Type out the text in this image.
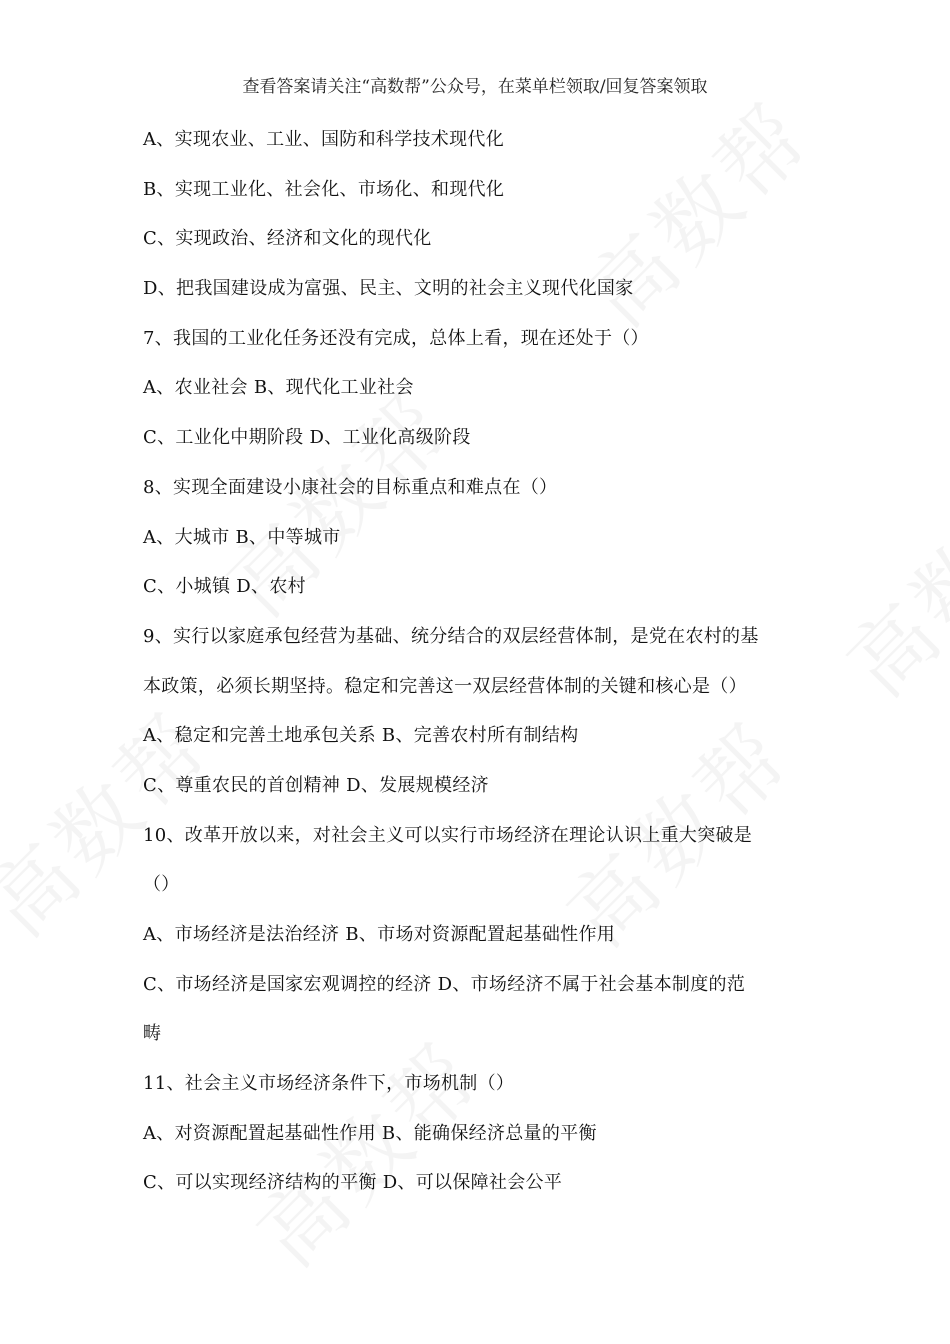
查看答案请关注“高数帮”公众号，在菜单栏领取/回复答案领取
A、实现农业、工业、国防和科学技术现代化
B、实现工业化、社会化、市场化、和现代化
C、实现政治、经济和文化的现代化
D、把我国建设成为富强、民主、文明的社会主义现代化国家
7、我国的工业化任务还没有完成，总体上看，现在还处于（）
A、农业社会 B、现代化工业社会
C、工业化中期阶段 D、工业化高级阶段
8、实现全面建设小康社会的目标重点和难点在（）
A、大城市 B、中等城市
C、小城镇 D、农村
9、实行以家庭承包经营为基础、统分结合的双层经营体制，是党在农村的基
本政策，必须长期坚持。稳定和完善这一双层经营体制的关键和核心是（）
A、稳定和完善土地承包关系 B、完善农村所有制结构
C、尊重农民的首创精神 D、发展规模经济
10、改革开放以来，对社会主义可以实行市场经济在理论认识上重大突破是
（）
A、市场经济是法治经济 B、市场对资源配置起基础性作用
C、市场经济是国家宏观调控的经济 D、市场经济不属于社会基本制度的范
畴
11、社会主义市场经济条件下，市场机制（）
A、对资源配置起基础性作用 B、能确保经济总量的平衡
C、可以实现经济结构的平衡 D、可以保障社会公平
